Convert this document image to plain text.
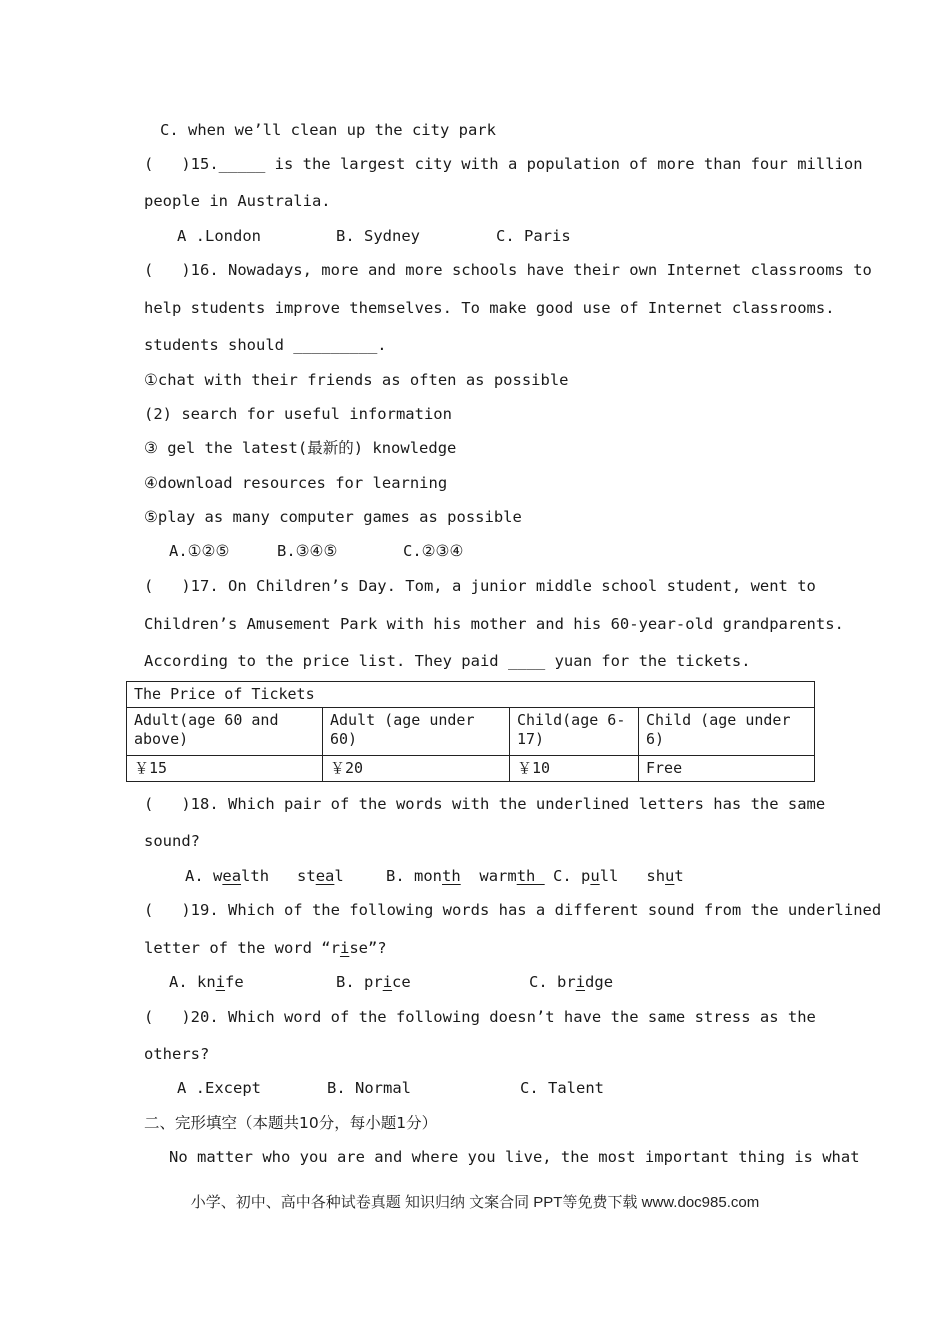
C. when we’ll clean up the city park
(   )15._____ is the largest city with a population of more than four million
people in Australia.
A .London	B. Sydney	C. Paris
(   )16. Nowadays, more and more schools have their own Internet classrooms to
help students improve themselves. To make good use of Internet classrooms.
students should _________.
①chat with their friends as often as possible
(2) search for useful information
③ gel the latest(最新的) knowledge
④download resources for learning
⑤play as many computer games as possible
A.①②⑤	B.③④⑤	C.②③④
(   )17. On Children’s Day. Tom, a junior middle school student, went to
Children’s Amusement Park with his mother and his 60-year-old grandparents.
According to the price list. They paid ____ yuan for the tickets.
The Price of Tickets			
Adult(age 60 and above)	Adult (age under 60)	Child(age 6-17)	Child (age under 6)
￥15	￥20	￥10	Free
(   )18. Which pair of the words with the underlined letters has the same
sound?
A. wealth steal	B. month warmth C. pull shut
(   )19. Which of the following words has a different sound from the underlined
letter of the word “rise”?
A. knife	B. price	C. bridge
(   )20. Which word of the following doesn’t have the same stress as the
others?
A .Except	B. Normal	C. Talent
二、完形填空（本题共10分，每小题1分）
No matter who you are and where you live, the most important thing is what
小学、初中、高中各种试卷真题 知识归纳 文案合同 PPT等免费下载 www.doc985.com
